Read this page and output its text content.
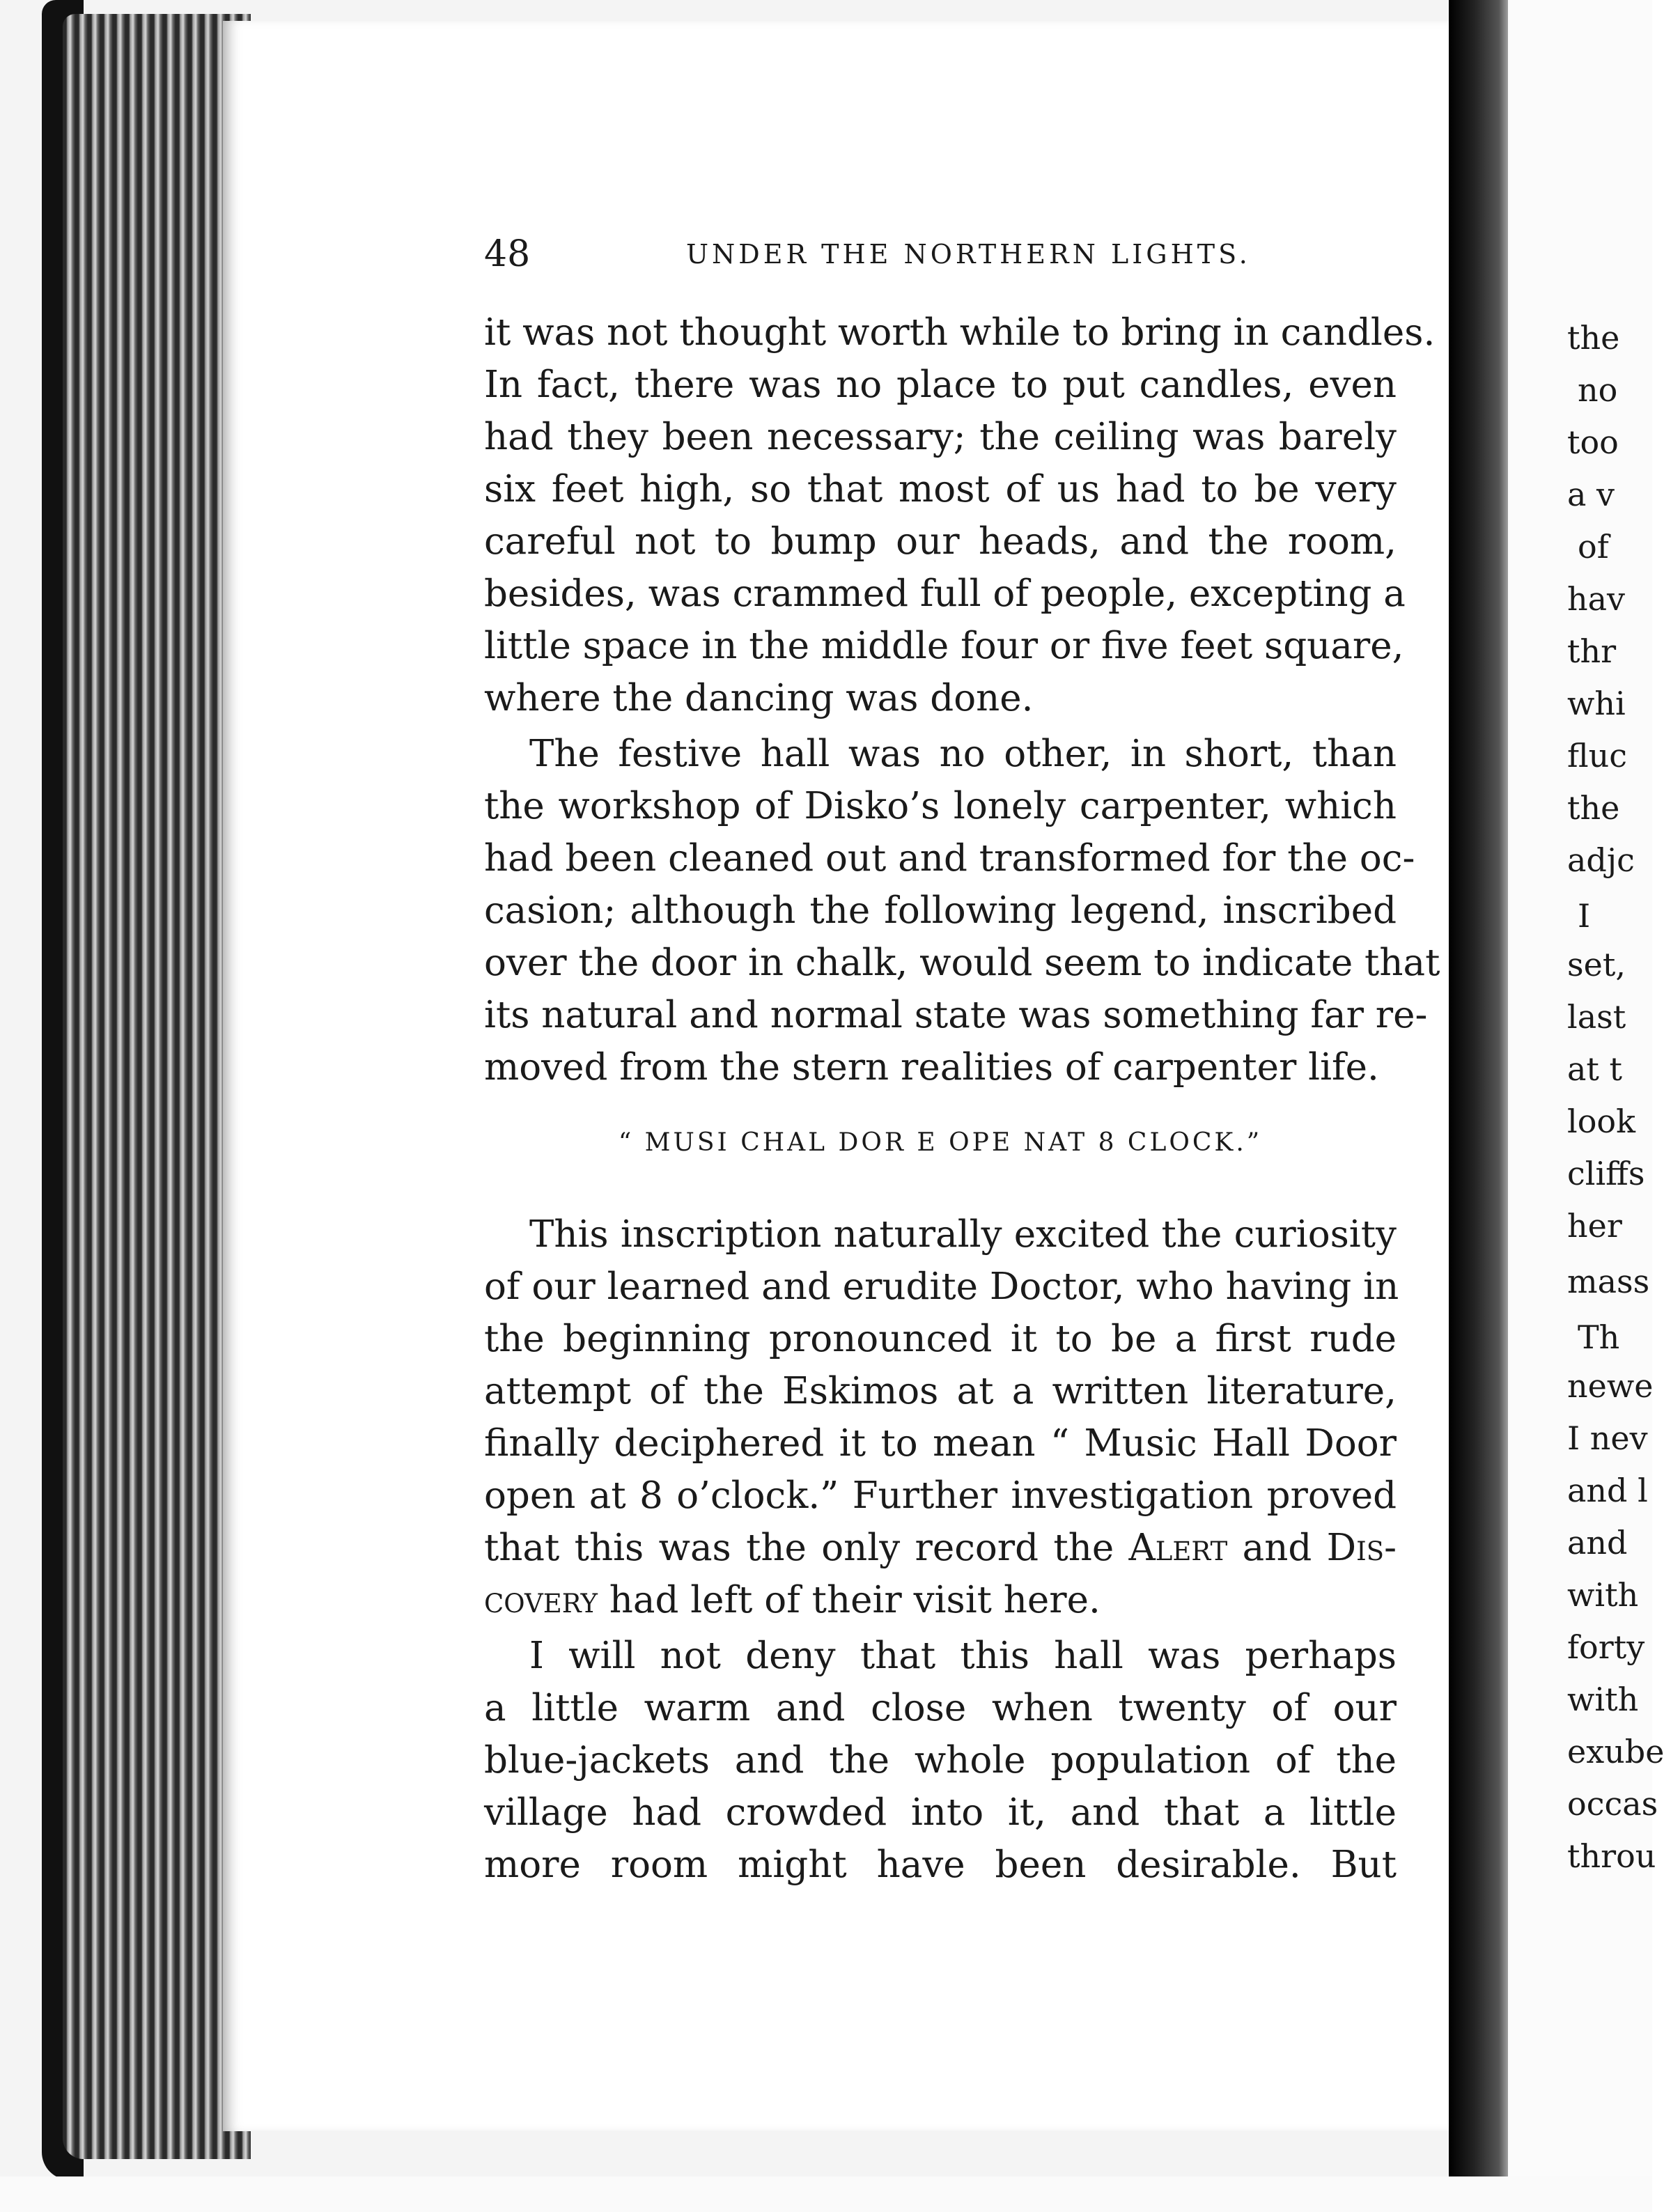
the
no
too
a v
of
hav
thr
whi
fluc
the
adjc
I
set,
last
at t
look
cliffs
her
mass
Th
newe
I nev
and l
and
with
forty
with
exube
occas
throu
48	UNDER THE NORTHERN LIGHTS.
it was not thought worth while to bring in candles.
In fact, there was no place to put candles, even
had they been necessary; the ceiling was barely
six feet high, so that most of us had to be very
careful not to bump our heads, and the room,
besides, was crammed full of people, excepting a
little space in the middle four or five feet square,
where the dancing was done.
The festive hall was no other, in short, than
the workshop of Disko’s lonely carpenter, which
had been cleaned out and transformed for the oc-
casion; although the following legend, inscribed
over the door in chalk, would seem to indicate that
its natural and normal state was something far re-
moved from the stern realities of carpenter life.
“ MUSI CHAL DOR E OPE NAT 8 CLOCK.”
This inscription naturally excited the curiosity
of our learned and erudite Doctor, who having in
the beginning pronounced it to be a first rude
attempt of the Eskimos at a written literature,
finally deciphered it to mean “ Music Hall Door
open at 8 o’clock.” Further investigation proved
that this was the only record the Alert and Dis-
covery had left of their visit here.
I will not deny that this hall was perhaps
a little warm and close when twenty of our
blue-jackets and the whole population of the
village had crowded into it, and that a little
more room might have been desirable. But
